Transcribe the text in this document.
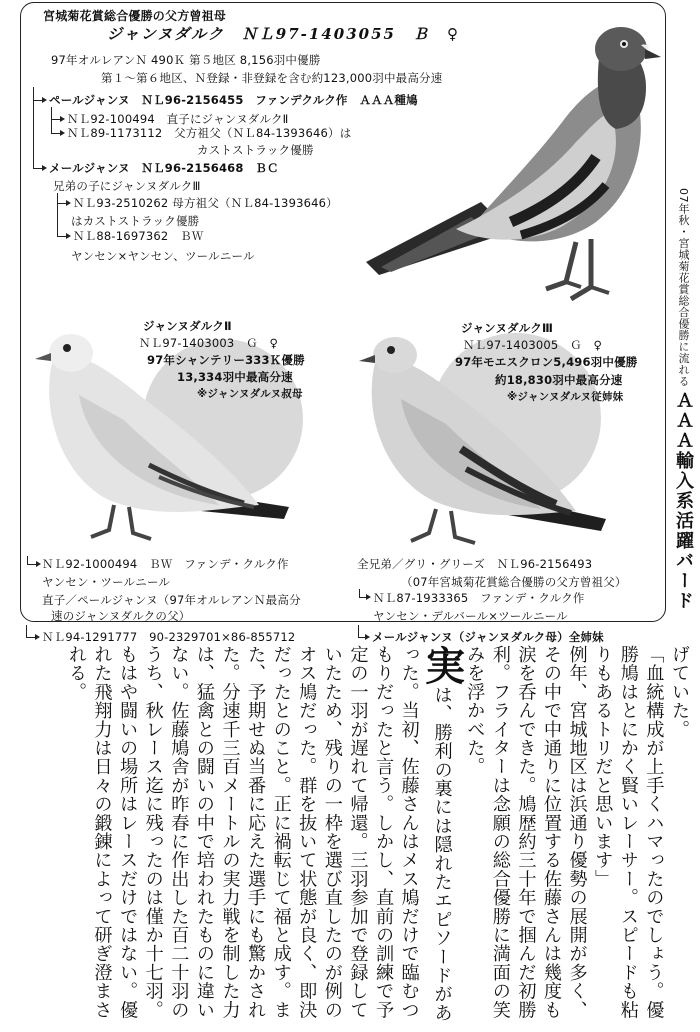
宮城菊花賞総合優勝の父方曾祖母
ジャンヌダルク　ＮＬ97-1403055　Ｂ　♀
97年オルレアンＮ 490Ｋ 第５地区 8,156羽中優勝
第１～第６地区、Ｎ登録・非登録を含む約123,000羽中最高分速
ペールジャンヌ　ＮＬ96-2156455　ファンデクルク作　ＡＡＡ種鳩
ＮＬ92-100494　直子にジャンヌダルクⅡ
ＮＬ89-1173112　父方祖父（ＮＬ84-1393646）は
カストストラック優勝
メールジャンヌ　ＮＬ96-2156468　ＢＣ
兄弟の子にジャンヌダルクⅢ
ＮＬ93-2510262 母方祖父（ＮＬ84-1393646）
はカストストラック優勝
ＮＬ88-1697362　ＢＷ
ヤンセン×ヤンセン、ツールニール
ジャンヌダルクⅡ
ＮＬ97-1403003　Ｇ　♀
97年シャンテリー333Ｋ優勝
13,334羽中最高分速
※ジャンヌダルヌ叔母
ジャンヌダルクⅢ
ＮＬ97-1403005　Ｇ　♀
97年モエスクロン5,496羽中優勝
約18,830羽中最高分速
※ジャンヌダルヌ従姉妹
ＮＬ92-1000494　ＢＷ　ファンデ・クルク作
ヤンセン・ツールニール
直子／ペールジャンヌ（97年オルレアンＮ最高分
速のジャンヌダルクの父）
全兄弟／グリ・グリーズ　ＮＬ96-2156493
（07年宮城菊花賞総合優勝の父方曾祖父）
ＮＬ87-1933365　ファンデ・クルク作
ヤンセン・デルバール×ツールニール
ＮＬ94-1291777　90-2329701×86-855712	メールジャンヌ（ジャンヌダルク母）全姉妹
07年秋・宮城菊花賞総合優勝に流れる ＡＡＡ輸入系活躍バード
げていた。
「血統構成が上手くハマったのでしょう。優勝鳩はとにかく賢いレーサー。スピードも粘りもあるトリだと思います」
例年、宮城地区は浜通り優勢の展開が多く、その中で中通りに位置する佐藤さんは幾度も涙を呑んできた。鳩歴約三十年で掴んだ初勝利。フライターは念願の総合優勝に満面の笑みを浮かべた。
実は、勝利の裏には隠れたエピソードがあった。当初、佐藤さんはメス鳩だけで臨むつもりだったと言う。しかし、直前の訓練で予定の一羽が遅れて帰還。三羽参加で登録していたため、残りの一枠を選び直したのが例のオス鳩だった。群を抜いて状態が良く、即決だったとのこと。正に禍転じて福と成す。また、予期せぬ当番に応えた選手にも驚かされた。分速千三百メートルの実力戦を制した力は、猛禽との闘いの中で培われたものに違いない。佐藤鳩舎が昨春に作出した百二十羽のうち、秋レース迄に残ったのは僅か十七羽。もはや闘いの場所はレースだけではない。優れた飛翔力は日々の鍛錬によって研ぎ澄まされる。
